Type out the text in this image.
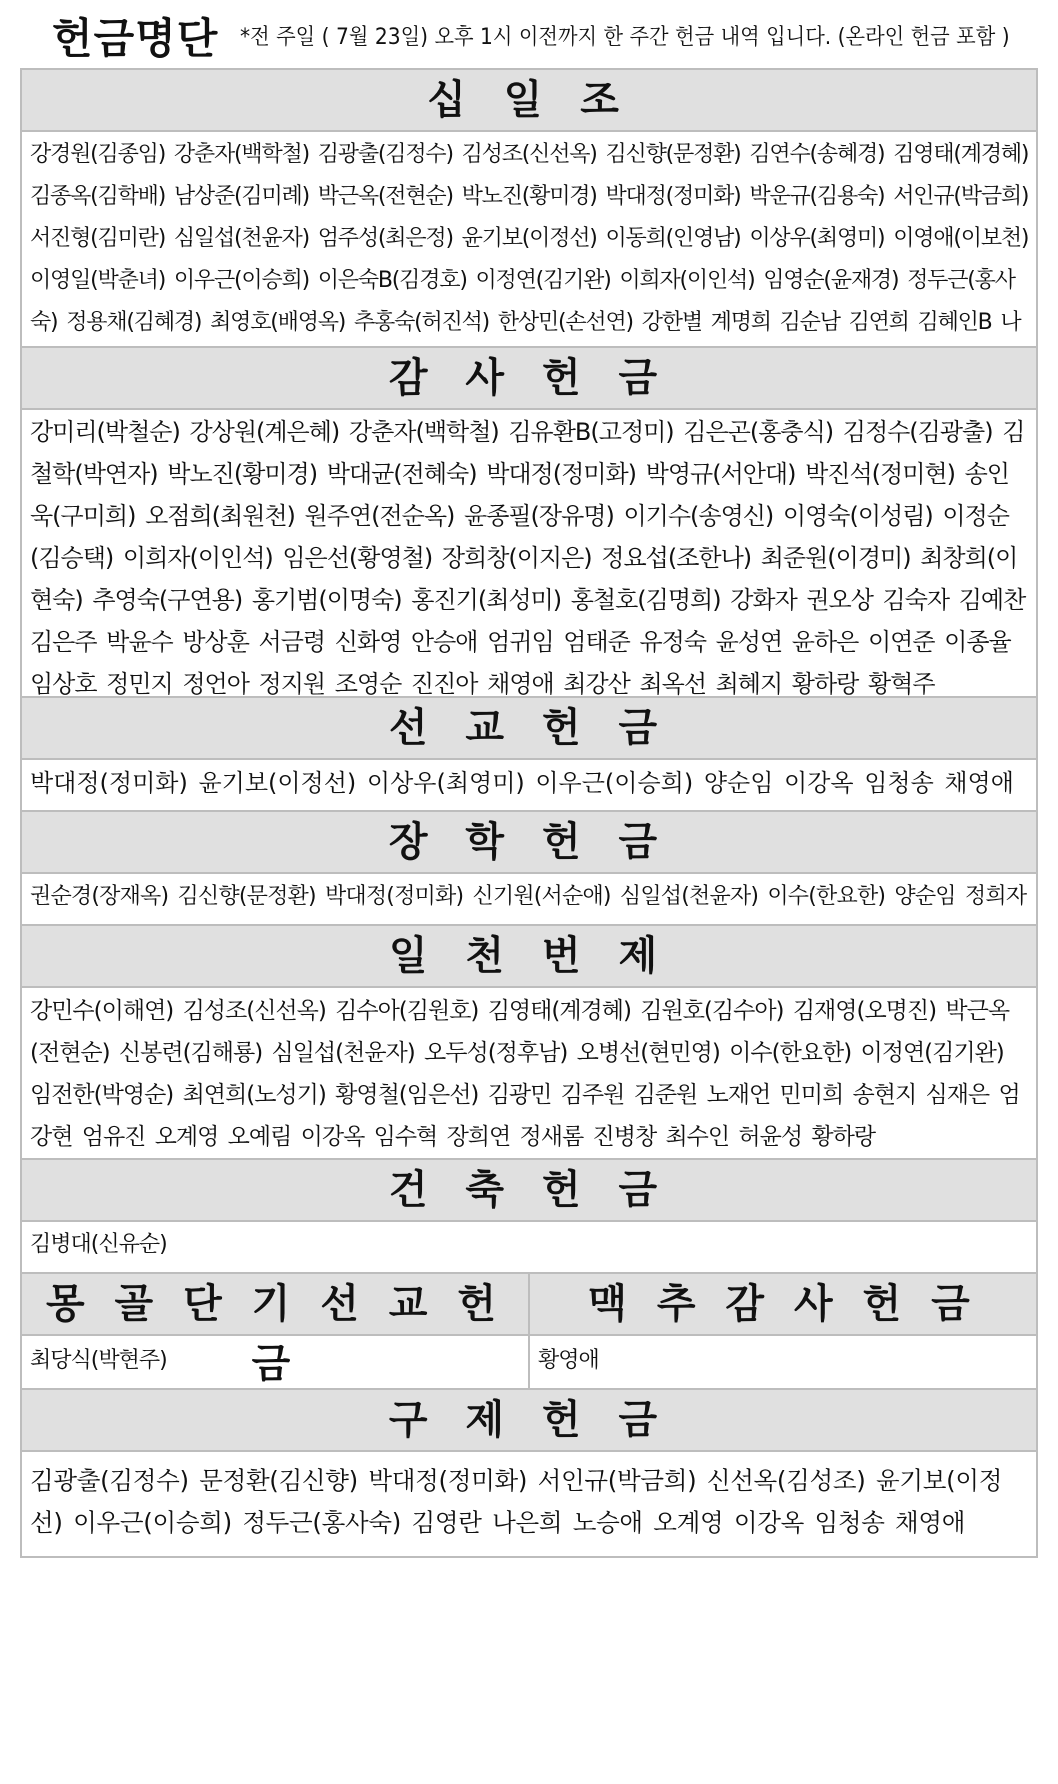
헌금명단 *전 주일 ( 7월 23일) 오후 1시 이전까지 한 주간 헌금 내역 입니다. (온라인 헌금 포함 )
십 일 조
강경원(김종임) 강춘자(백학철) 김광출(김정수) 김성조(신선옥) 김신향(문정환) 김연수(송혜경) 김영태(계경혜) 김종옥(김학배) 남상준(김미례) 박근옥(전현순) 박노진(황미경) 박대정(정미화) 박운규(김용숙) 서인규(박금희) 서진형(김미란) 심일섭(천윤자) 엄주성(최은정) 윤기보(이정선) 이동희(인영남) 이상우(최영미) 이영애(이보천) 이영일(박춘녀) 이우근(이승희) 이은숙B(김경호) 이정연(김기완) 이희자(이인석) 임영순(윤재경) 정두근(홍사숙) 정용채(김혜경) 최영호(배영옥) 추홍숙(허진석) 한상민(손선연) 강한별 계명희 김순남 김연희 김혜인B 나
감 사 헌 금
강미리(박철순) 강상원(계은혜) 강춘자(백학철) 김유환B(고정미) 김은곤(홍충식) 김정수(김광출) 김철학(박연자) 박노진(황미경) 박대균(전혜숙) 박대정(정미화) 박영규(서안대) 박진석(정미현) 송인욱(구미희) 오점희(최원천) 원주연(전순옥) 윤종필(장유명) 이기수(송영신) 이영숙(이성림) 이정순(김승택) 이희자(이인석) 임은선(황영철) 장희창(이지은) 정요섭(조한나) 최준원(이경미) 최창희(이현숙) 추영숙(구연용) 홍기범(이명숙) 홍진기(최성미) 홍철호(김명희) 강화자 권오상 김숙자 김예찬 김은주 박윤수 방상훈 서금령 신화영 안승애 엄귀임 엄태준 유정숙 윤성연 윤하은 이연준 이종율 임상호 정민지 정언아 정지원 조영순 진진아 채영애 최강산 최옥선 최혜지 황하랑 황혁주
선 교 헌 금
박대정(정미화) 윤기보(이정선) 이상우(최영미) 이우근(이승희) 양순임 이강옥 임청송 채영애
장 학 헌 금
권순경(장재옥) 김신향(문정환) 박대정(정미화) 신기원(서순애) 심일섭(천윤자) 이수(한요한) 양순임 정희자
일 천 번 제
강민수(이해연) 김성조(신선옥) 김수아(김원호) 김영태(계경혜) 김원호(김수아) 김재영(오명진) 박근옥(전현순) 신봉련(김해룡) 심일섭(천윤자) 오두성(정후남) 오병선(현민영) 이수(한요한) 이정연(김기완) 임전한(박영순) 최연희(노성기) 황영철(임은선) 김광민 김주원 김준원 노재언 민미희 송현지 심재은 엄강현 엄유진 오계영 오예림 이강옥 임수혁 장희연 정새롬 진병창 최수인 허윤성 황하랑
건 축 헌 금
김병대(신유순)
몽 골 단 기 선 교 헌 금
최당식(박현주)
맥 추 감 사 헌 금
황영애
구 제 헌 금
김광출(김정수) 문정환(김신향) 박대정(정미화) 서인규(박금희) 신선옥(김성조) 윤기보(이정선) 이우근(이승희) 정두근(홍사숙) 김영란 나은희 노승애 오계영 이강옥 임청송 채영애
